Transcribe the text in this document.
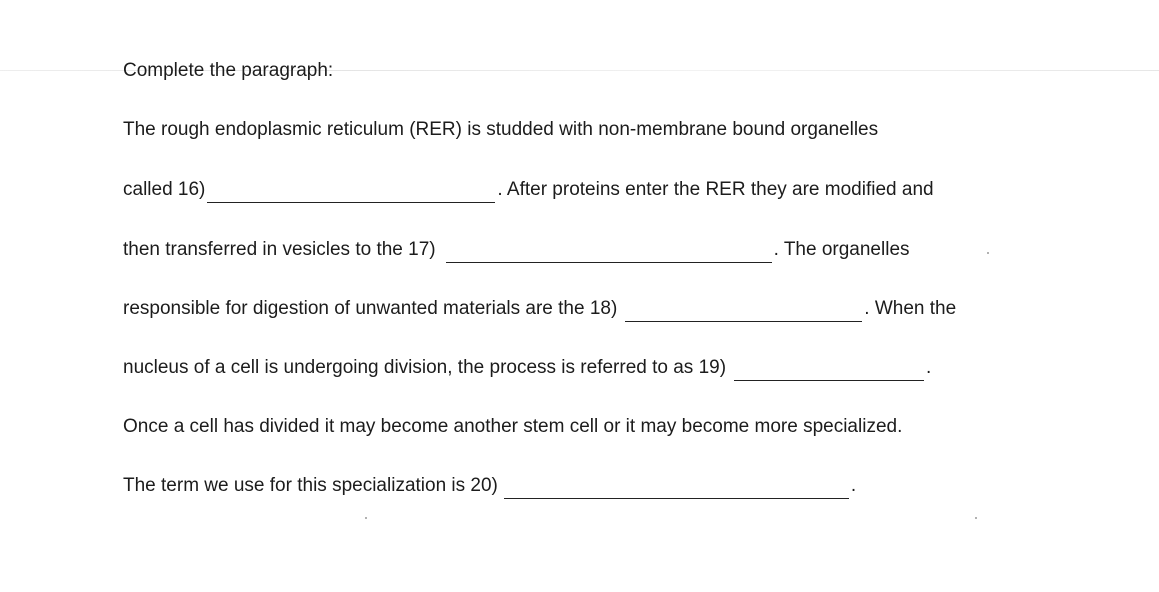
Complete the paragraph:
The rough endoplasmic reticulum (RER) is studded with non-membrane bound organelles
called 16)	. After proteins enter the RER they are modified and
then transferred in vesicles to the 17)	. The organelles
responsible for digestion of unwanted materials are the 18)	. When the
nucleus of a cell is undergoing division, the process is referred to as 19)	.
Once a cell has divided it may become another stem cell or it may become more specialized.
The term we use for this specialization is 20)	.
